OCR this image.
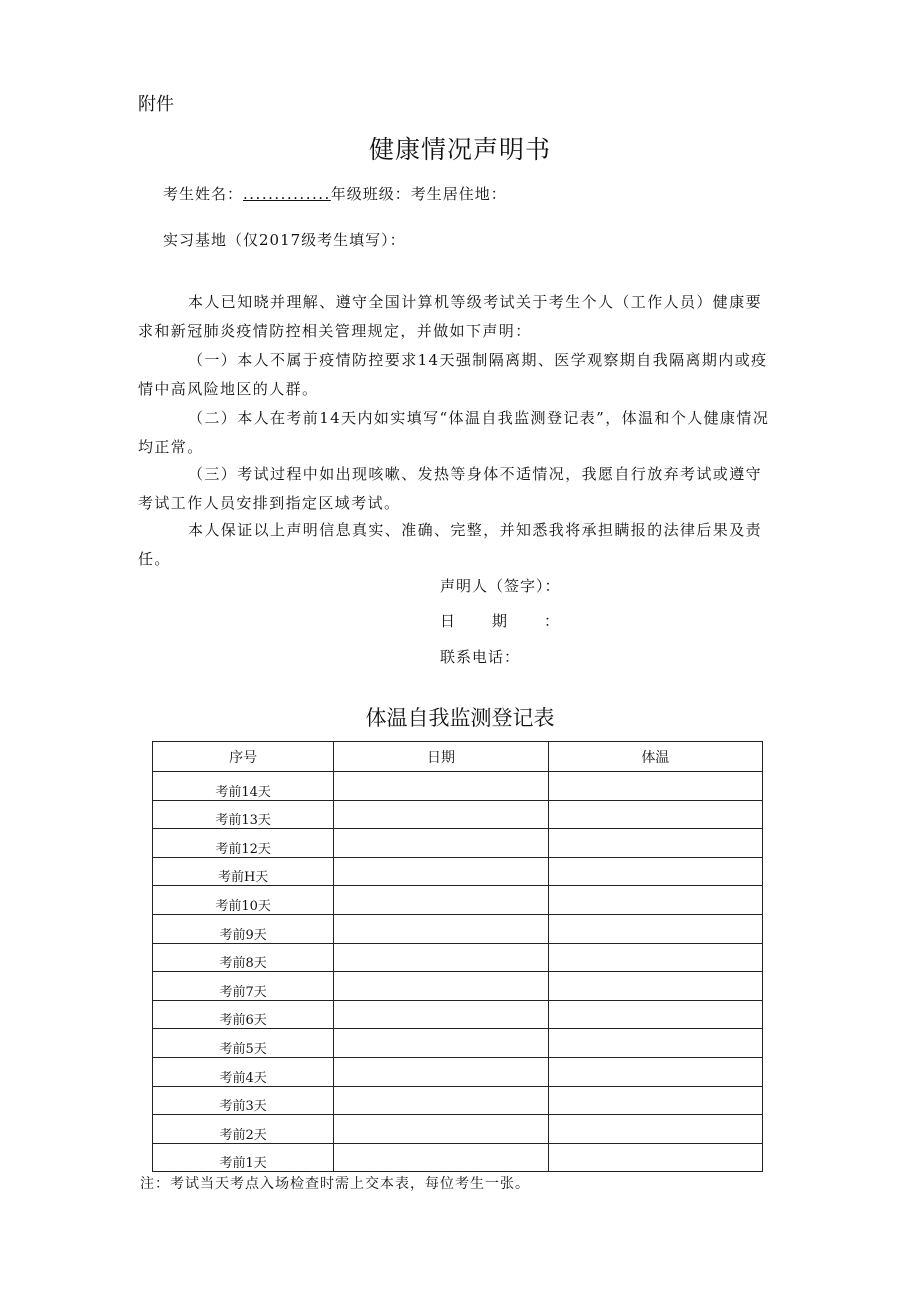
附件
健康情况声明书
考生姓名：..............年级班级：考生居住地：
实习基地（仅2017级考生填写）：

本人已知晓并理解、遵守全国计算机等级考试关于考生个人（工作人员）健康要求和新冠肺炎疫情防控相关管理规定，并做如下声明：

（一）本人不属于疫情防控要求14天强制隔离期、医学观察期自我隔离期内或疫情中高风险地区的人群。

（二）本人在考前14天内如实填写“体温自我监测登记表”，体温和个人健康情况均正常。

（三）考试过程中如出现咳嗽、发热等身体不适情况，我愿自行放弃考试或遵守考试工作人员安排到指定区域考试。

本人保证以上声明信息真实、准确、完整，并知悉我将承担瞒报的法律后果及责任。

声明人（签字）：
日期：
联系电话：
体温自我监测登记表
序号	日期	体温
考前14天		
考前13天		
考前12天		
考前H天		
考前10天		
考前9天		
考前8天		
考前7天		
考前6天		
考前5天		
考前4天		
考前3天		
考前2天		
考前1天		
注：考试当天考点入场检查时需上交本表，每位考生一张。
